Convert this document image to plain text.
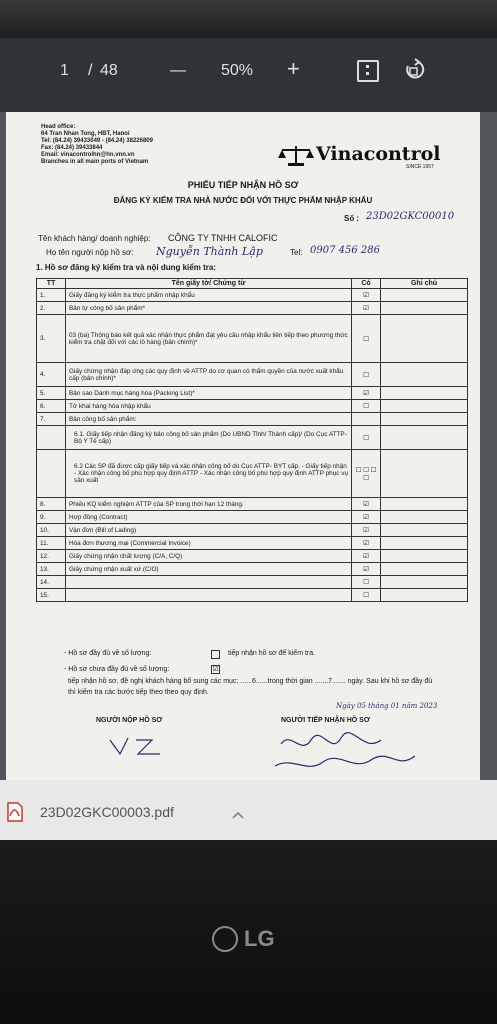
1 / 48	— 50% +
Head office:
64 Tran Nhan Tong, HBT, Hanoi
Tel: (84.24) 39433049 - (84.24) 38226809
Fax: (84.24) 39433844
Email: vinacontrolhn@hn.vnn.vn
Branches in all main ports of Vietnam	Vinacontrol
SINCE 1957
PHIẾU TIẾP NHẬN HỒ SƠ
ĐĂNG KÝ KIỂM TRA NHÀ NƯỚC ĐỐI VỚI THỰC PHẨM NHẬP KHẨU
Số : 23D02GKC00010
Tên khách hàng/ doanh nghiệp: CÔNG TY TNHH CALOFIC
Họ tên người nộp hồ sơ: Nguyễn Thành Lập	Tel: 0907 456 286
1. Hồ sơ đăng ký kiểm tra và nội dung kiểm tra:
TT	Tên giấy tờ/ Chứng từ	Có	Ghi chú
1.	Giấy đăng ký kiểm tra thực phẩm nhập khẩu	☑	
2.	Bản tự công bố sản phẩm*	☑	
3.	03 (ba) Thông báo kết quả xác nhận thực phẩm đạt yêu cầu nhập khẩu liên tiếp theo phương thức kiểm tra chặt đối với các lô hàng (bản chính)*	☐	
4.	Giấy chứng nhận đáp ứng các quy định về ATTP do cơ quan có thẩm quyền của nước xuất khẩu cấp (bản chính)*	☐	
5.	Bản sao Danh mục hàng hóa (Packing List)*	☑	
6.	Tờ khai hàng hóa nhập khẩu	☐	
7.	Bản công bố sản phẩm:		
	6.1. Giấy tiếp nhận đăng ký bản công bố sản phẩm (Do UBND Tỉnh/ Thành cấp)/ (Do Cục ATTP- Bộ Y Tế cấp)	☐	
	6.2 Các SP đã được cấp giấy tiếp và xác nhận công bố do Cục ATTP- BYT cấp. - Giấy tiếp nhận - Xác nhận công bố phù hợp quy định ATTP - Xác nhận công bố phù hợp quy định ATTP phục vụ sản xuất	☐ ☐ ☐ ☐	
8.	Phiếu KQ kiểm nghiệm ATTP của SP trong thời hạn 12 tháng.	☑	
9.	Hợp đồng (Contract)	☑	
10.	Vận đơn (Bill of Lading)	☑	
11.	Hóa đơn thương mại (Commercial Invoice)	☑	
12.	Giấy chứng nhận chất lượng (C/A, C/Q)	☑	
13.	Giấy chứng nhận xuất xứ (C/O)	☑	
14.		☐	
15.		☐	
- Hồ sơ đầy đủ về số lượng:	tiếp nhận hồ sơ để kiểm tra.
- Hồ sơ chưa đầy đủ về số lượng:	☑
tiếp nhận hồ sơ, đề nghị khách hàng bổ sung các mục: ......6......trong thời gian .......7....... ngày. Sau khi hồ sơ đầy đủ thì kiểm tra các bước tiếp theo theo quy định.
Ngày 05 tháng 01 năm 2023
NGƯỜI NỘP HỒ SƠ	NGƯỜI TIẾP NHẬN HỒ SƠ
23D02GKC00003.pdf
LG
